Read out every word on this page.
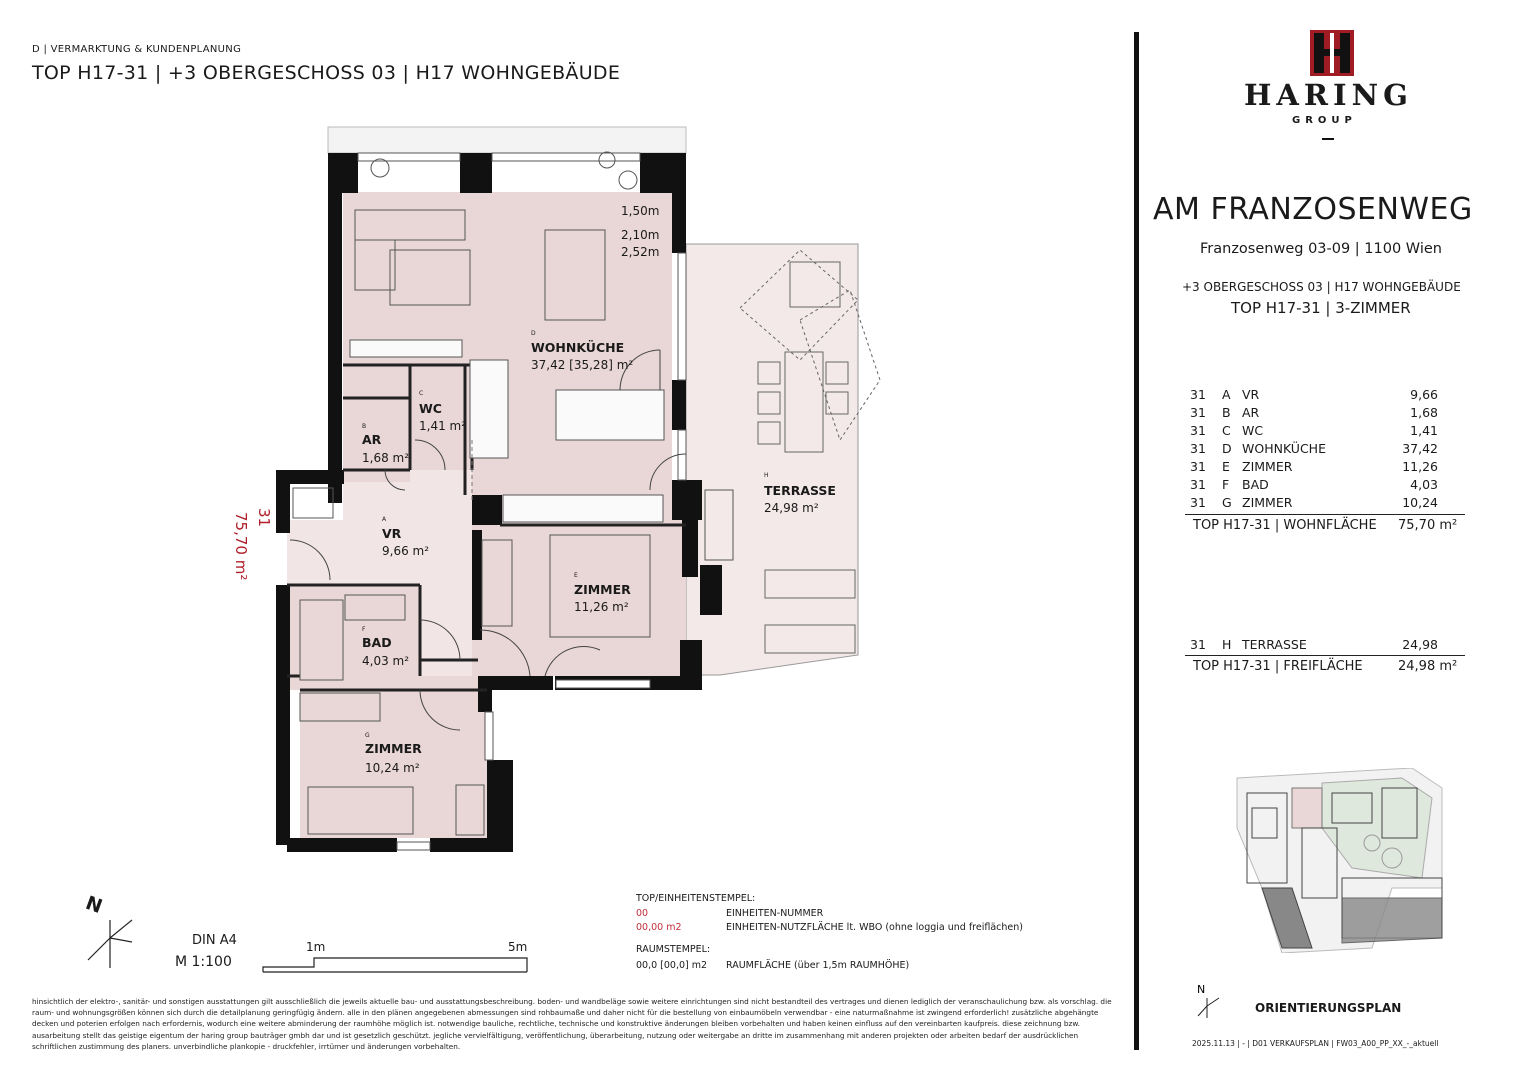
D | VERMARKTUNG & KUNDENPLANUNG
TOP H17-31 | +3 OBERGESCHOSS 03 | H17 WOHNGEBÄUDE
D
WOHNKÜCHE
37,42 [35,28] m²
1,50m
2,10m
2,52m
C
WC
1,41 m²
B
AR
1,68 m²
A
VR
9,66 m²
F
BAD
4,03 m²
E
ZIMMER
11,26 m²
G
ZIMMER
10,24 m²
H
TERRASSE
24,98 m²
31
75,70 m²
N
DIN A4
M 1:100
1m	5m
TOP/EINHEITENSTEMPEL:
00	EINHEITEN-NUMMER
00,00 m2	EINHEITEN-NUTZFLÄCHE lt. WBO (ohne loggia und freiflächen)
RAUMSTEMPEL:
00,0 [00,0] m2 RAUMFLÄCHE (über 1,5m RAUMHÖHE)
hinsichtlich der elektro-, sanitär- und sonstigen ausstattungen gilt ausschließlich die jeweils aktuelle bau- und ausstattungsbeschreibung. boden- und wandbeläge sowie weitere einrichtungen sind nicht bestandteil des vertrages und dienen lediglich der veranschaulichung bzw. als vorschlag. die raum- und wohnungsgrößen können sich durch die detailplanung geringfügig ändern. alle in den plänen angegebenen abmessungen sind rohbaumaße und daher nicht für die bestellung von einbaumöbeln verwendbar - eine naturmaßnahme ist zwingend erforderlich! zusätzliche abgehängte decken und poterien erfolgen nach erfordernis, wodurch eine weitere abminderung der raumhöhe möglich ist. notwendige bauliche, rechtliche, technische und konstruktive änderungen bleiben vorbehalten und haben keinen einfluss auf den vereinbarten kaufpreis. diese zeichnung bzw. ausarbeitung stellt das geistige eigentum der haring group bauträger gmbh dar und ist gesetzlich geschützt. jegliche vervielfältigung, veröffentlichung, überarbeitung, nutzung oder weitergabe an dritte im zusammenhang mit anderen projekten oder arbeiten bedarf der ausdrücklichen schriftlichen zustimmung des planers. unverbindliche plankopie - druckfehler, irrtümer und änderungen vorbehalten.
HARING
GROUP
AM FRANZOSENWEG
Franzosenweg 03-09 | 1100 Wien
+3 OBERGESCHOSS 03 | H17 WOHNGEBÄUDE
TOP H17-31 | 3-ZIMMER
31	A	VR	9,66
31	B	AR	1,68
31	C	WC	1,41
31	D	WOHNKÜCHE	37,42
31	E	ZIMMER	11,26
31	F	BAD	4,03
31	G	ZIMMER	10,24
TOP H17-31 | WOHNFLÄCHE 75,70 m²
31	H	TERRASSE	24,98
TOP H17-31 | FREIFLÄCHE	24,98 m²
N
ORIENTIERUNGSPLAN
2025.11.13 | - | D01 VERKAUFSPLAN | FW03_A00_PP_XX_-_aktuell
